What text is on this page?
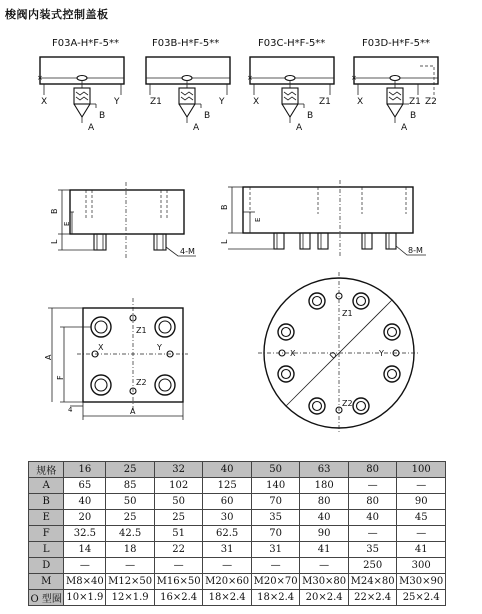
梭阀内装式控制盖板
F03A-H*F-5**
×
X	Y
A
B
F03B-H*F-5**
Z1	Y
A
B
F03C-H*F-5**
×
X	Z1
A
B
F03D-H*F-5**
×
X	Z1 Z2
A
B
B
E
L
4-M
B
E
L
8-M
Z1
X	Y
Z2
A
F
4	A
D
Z1
X	Y
Z2
规格	16	25	32	40	50	63	80	100
A	65	85	102	125	140	180	—	—
B	40	50	50	60	70	80	80	90
E	20	25	25	30	35	40	40	45
F	32.5	42.5	51	62.5	70	90	—	—
L	14	18	22	31	31	41	35	41
D	—	—	—	—	—	—	250	300
M	M8×40	M12×50	M16×50	M20×60	M20×70	M30×80	M24×80	M30×90
O 型圈	10×1.9	12×1.9	16×2.4	18×2.4	18×2.4	20×2.4	22×2.4	25×2.4
